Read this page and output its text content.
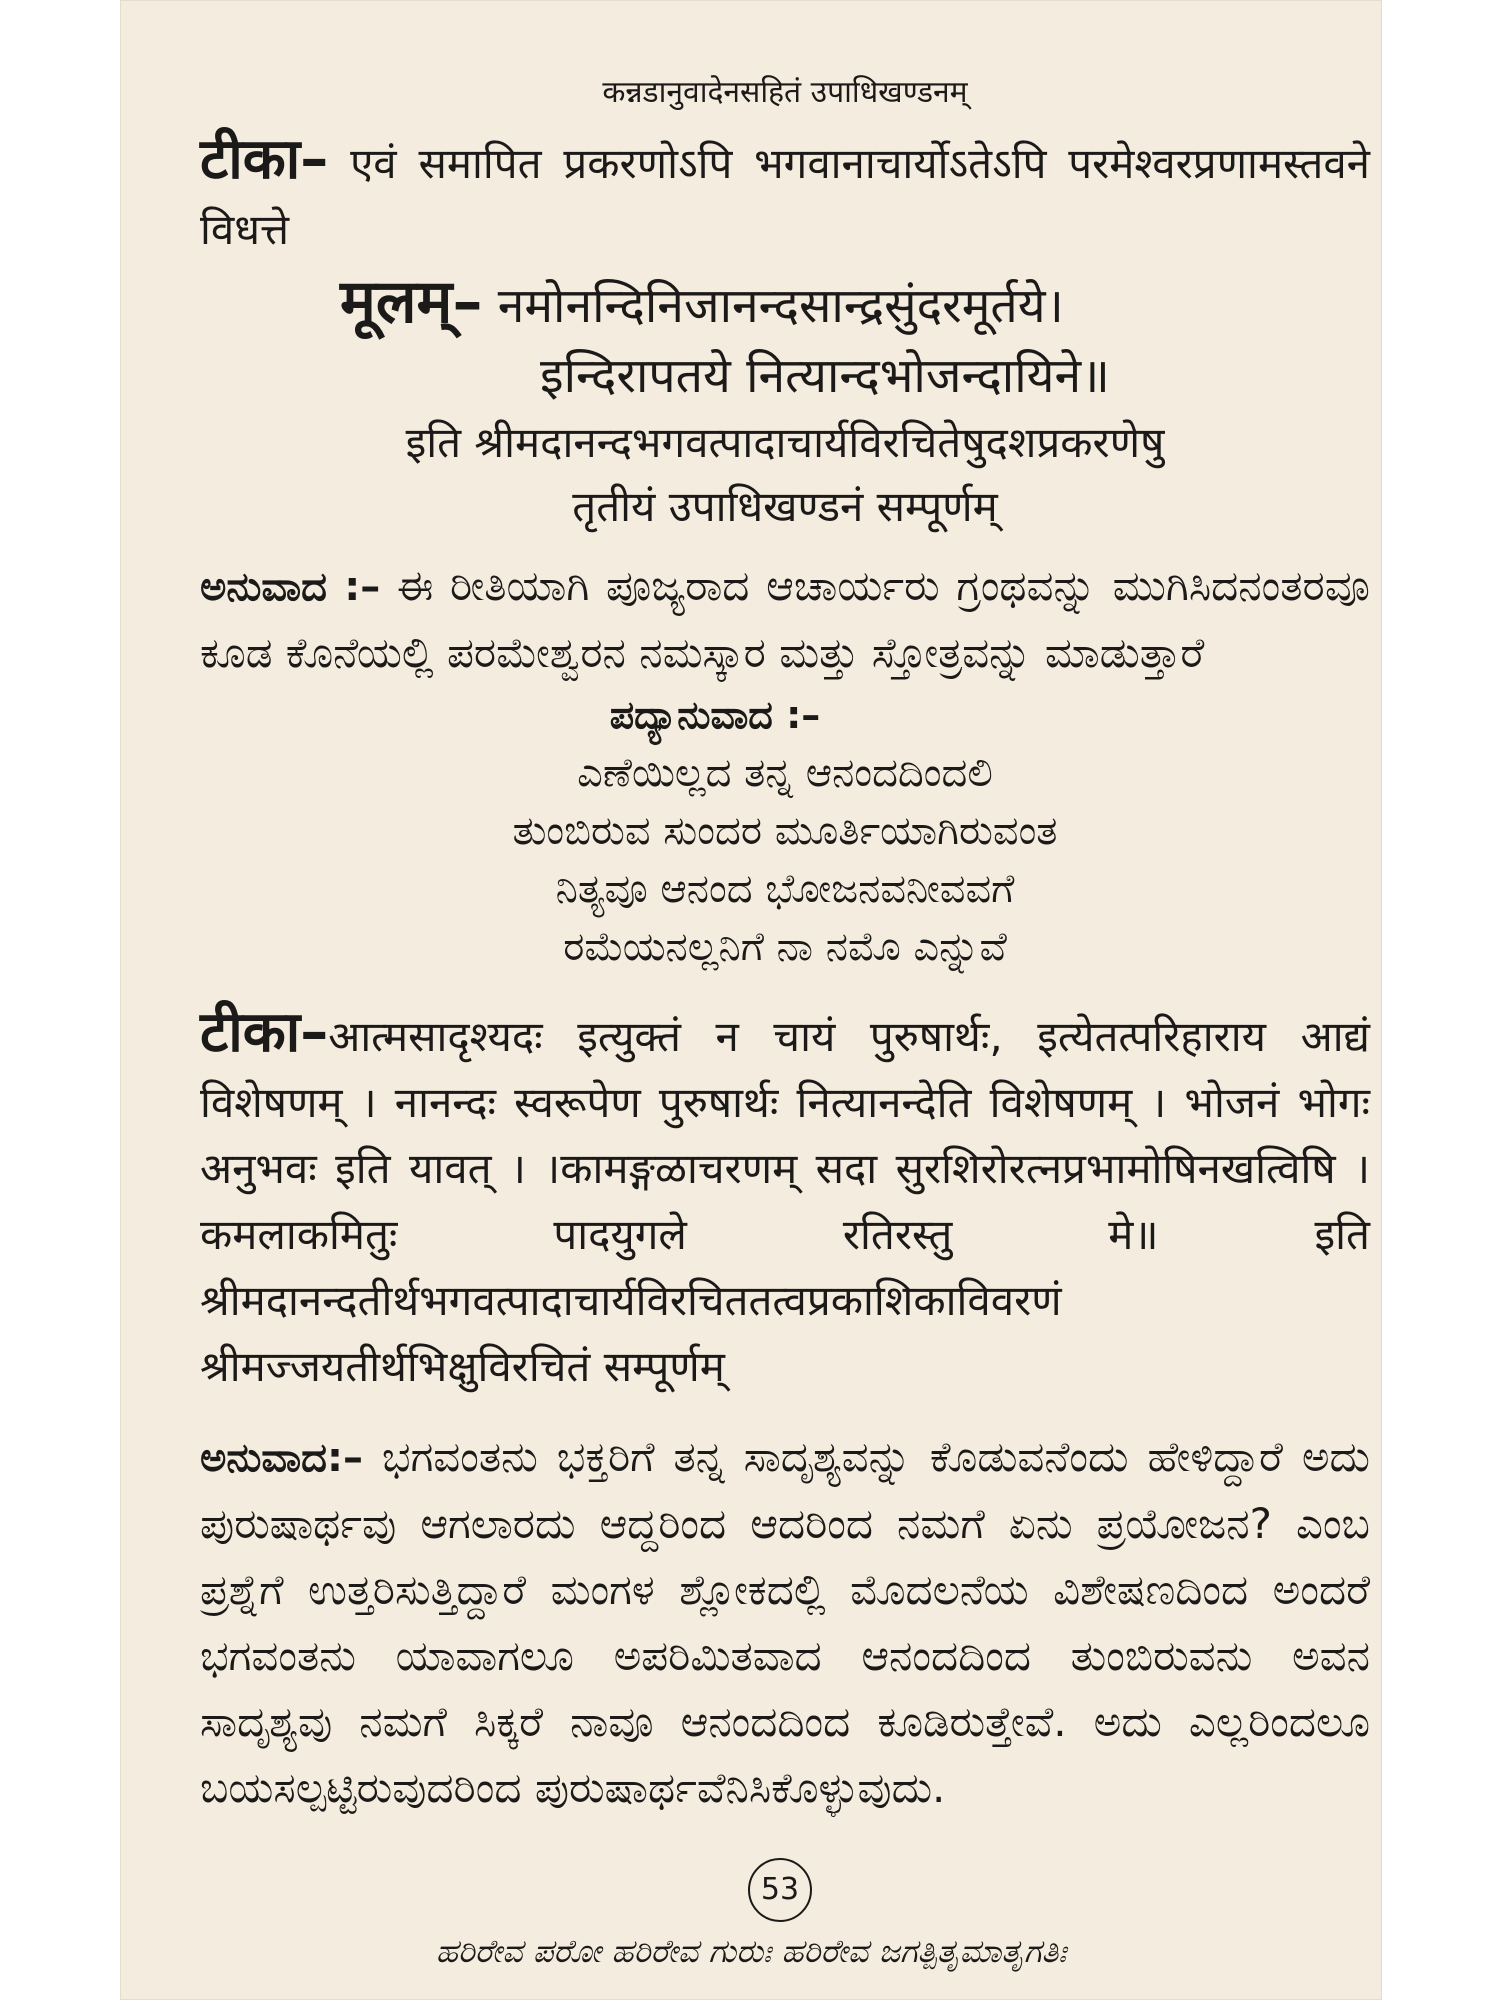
कन्नडानुवादेनसहितं उपाधिखण्डनम्

टीका– एवं समापित प्रकरणोऽपि भगवानाचार्योऽतेऽपि परमेश्वरप्रणामस्तवने विधत्ते

मूलम्– नमोनन्दिनिजानन्दसान्द्रसुंदरमूर्तये।

इन्दिरापतये नित्यान्दभोजन्दायिने॥

इति श्रीमदानन्दभगवत्पादाचार्यविरचितेषुदशप्रकरणेषु

तृतीयं उपाधिखण्डनं सम्पूर्णम्

ಅನುವಾದ :– ಈ ರೀತಿಯಾಗಿ ಪೂಜ್ಯರಾದ ಆಚಾರ್ಯರು ಗ್ರಂಥವನ್ನು ಮುಗಿಸಿದನಂತರವೂ ಕೂಡ ಕೊನೆಯಲ್ಲಿ ಪರಮೇಶ್ವರನ ನಮಸ್ಕಾರ ಮತ್ತು ಸ್ತೋತ್ರವನ್ನು ಮಾಡುತ್ತಾರೆ

ಪದ್ಯಾನುವಾದ :–

ಎಣೆಯಿಲ್ಲದ ತನ್ನ ಆನಂದದಿಂದಲಿ

ತುಂಬಿರುವ ಸುಂದರ ಮೂರ್ತಿಯಾಗಿರುವಂತ

ನಿತ್ಯವೂ ಆನಂದ ಭೋಜನವನೀವವಗೆ

ರಮೆಯನಲ್ಲನಿಗೆ ನಾ ನಮೊ ಎನ್ನುವೆ

टीका–आत्मसादृश्यदः इत्युक्तं न चायं पुरुषार्थः, इत्येतत्परिहाराय आद्यं विशेषणम् । नानन्दः स्वरूपेण पुरुषार्थः नित्यानन्देति विशेषणम् । भोजनं भोगः अनुभवः इति यावत् । ।कामङ्गळाचरणम् सदा सुरशिरोरत्नप्रभामोषिनखत्विषि । कमलाकमितुः पादयुगले रतिरस्तु मे॥ इति श्रीमदानन्दतीर्थभगवत्पादाचार्यविरचिततत्वप्रकाशिकाविवरणं श्रीमज्जयतीर्थभिक्षुविरचितं सम्पूर्णम्

ಅನುವಾದ:– ಭಗವಂತನು ಭಕ್ತರಿಗೆ ತನ್ನ ಸಾದೃಶ್ಯವನ್ನು ಕೊಡುವನೆಂದು ಹೇಳಿದ್ದಾರೆ ಅದು ಪುರುಷಾರ್ಥವು ಆಗಲಾರದು ಆದ್ದರಿಂದ ಆದರಿಂದ ನಮಗೆ ಏನು ಪ್ರಯೋಜನ? ಎಂಬ ಪ್ರಶ್ನೆಗೆ ಉತ್ತರಿಸುತ್ತಿದ್ದಾರೆ ಮಂಗಳ ಶ್ಲೋಕದಲ್ಲಿ ಮೊದಲನೆಯ ವಿಶೇಷಣದಿಂದ ಅಂದರೆ ಭಗವಂತನು ಯಾವಾಗಲೂ ಅಪರಿಮಿತವಾದ ಆನಂದದಿಂದ ತುಂಬಿರುವನು ಅವನ ಸಾದೃಶ್ಯವು ನಮಗೆ ಸಿಕ್ಕರೆ ನಾವೂ ಆನಂದದಿಂದ ಕೂಡಿರುತ್ತೇವೆ. ಅದು ಎಲ್ಲರಿಂದಲೂ ಬಯಸಲ್ಪಟ್ಟಿರುವುದರಿಂದ ಪುರುಷಾರ್ಥವೆನಿಸಿಕೊಳ್ಳುವುದು.

53
ಹರಿರೇವ ಪರೋ ಹರಿರೇವ ಗುರುಃ ಹರಿರೇವ ಜಗತ್ಪಿತೃಮಾತೃಗತಿಃ
